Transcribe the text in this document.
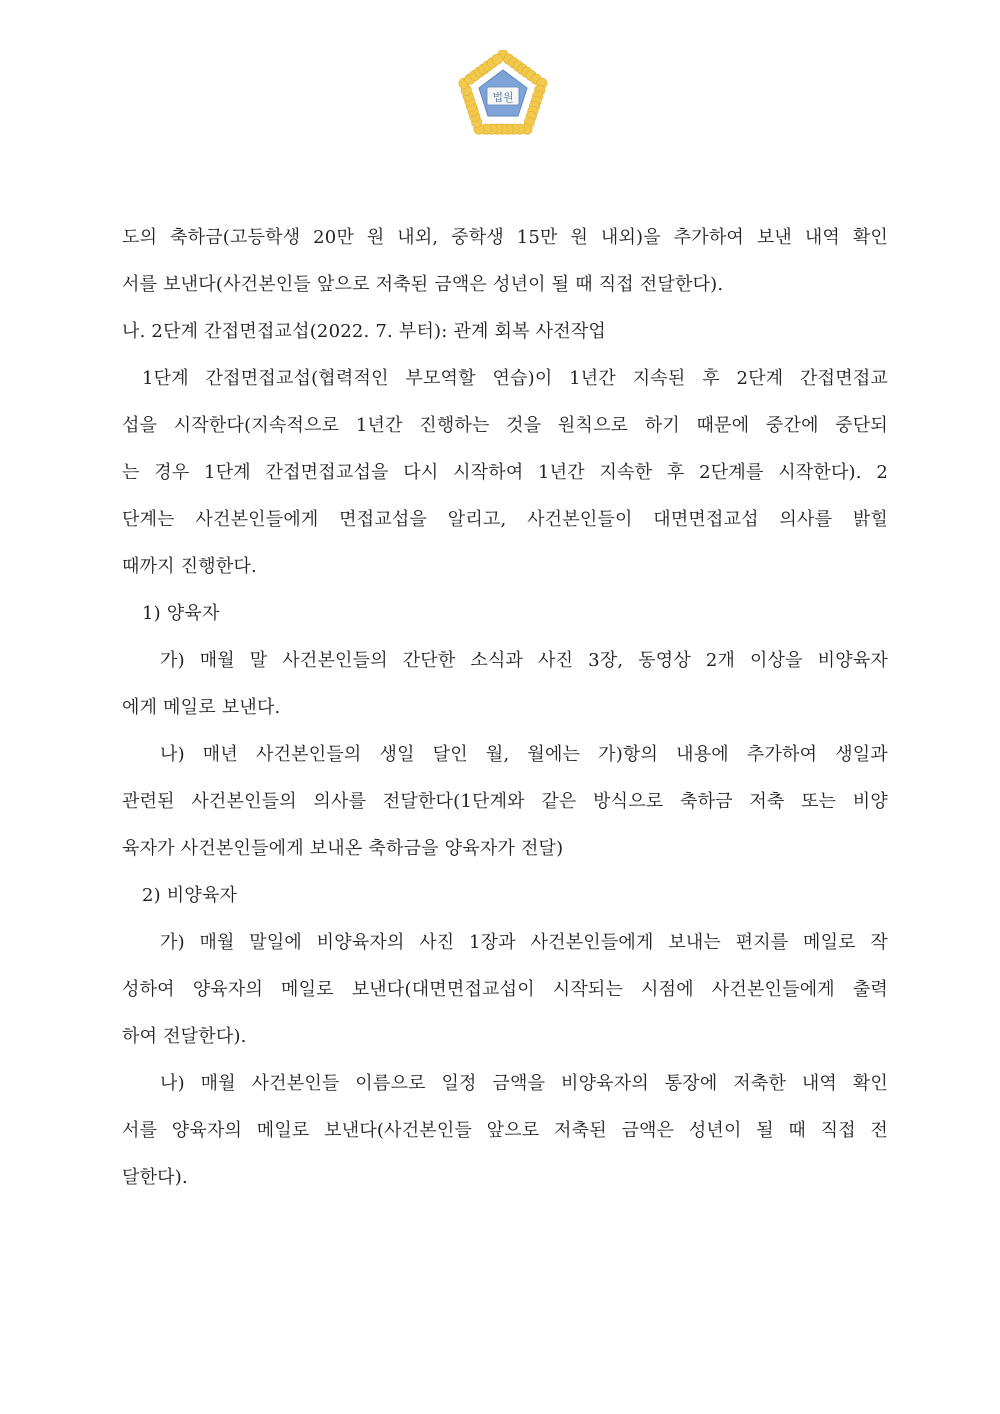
법원
도의 축하금(고등학생 20만 원 내외, 중학생 15만 원 내외)을 추가하여 보낸 내역 확인
서를 보낸다(사건본인들 앞으로 저축된 금액은 성년이 될 때 직접 전달한다).
나. 2단계 간접면접교섭(2022. 7. 부터): 관계 회복 사전작업
1단계 간접면접교섭(협력적인 부모역할 연습)이 1년간 지속된 후 2단계 간접면접교
섭을 시작한다(지속적으로 1년간 진행하는 것을 원칙으로 하기 때문에 중간에 중단되
는 경우 1단계 간접면접교섭을 다시 시작하여 1년간 지속한 후 2단계를 시작한다). 2
단계는 사건본인들에게 면접교섭을 알리고, 사건본인들이 대면면접교섭 의사를 밝힐
때까지 진행한다.
1) 양육자
가) 매월 말 사건본인들의 간단한 소식과 사진 3장, 동영상 2개 이상을 비양육자
에게 메일로 보낸다.
나) 매년 사건본인들의 생일 달인 월, 월에는 가)항의 내용에 추가하여 생일과
관련된 사건본인들의 의사를 전달한다(1단계와 같은 방식으로 축하금 저축 또는 비양
육자가 사건본인들에게 보내온 축하금을 양육자가 전달)
2) 비양육자
가) 매월 말일에 비양육자의 사진 1장과 사건본인들에게 보내는 편지를 메일로 작
성하여 양육자의 메일로 보낸다(대면면접교섭이 시작되는 시점에 사건본인들에게 출력
하여 전달한다).
나) 매월 사건본인들 이름으로 일정 금액을 비양육자의 통장에 저축한 내역 확인
서를 양육자의 메일로 보낸다(사건본인들 앞으로 저축된 금액은 성년이 될 때 직접 전
달한다).
